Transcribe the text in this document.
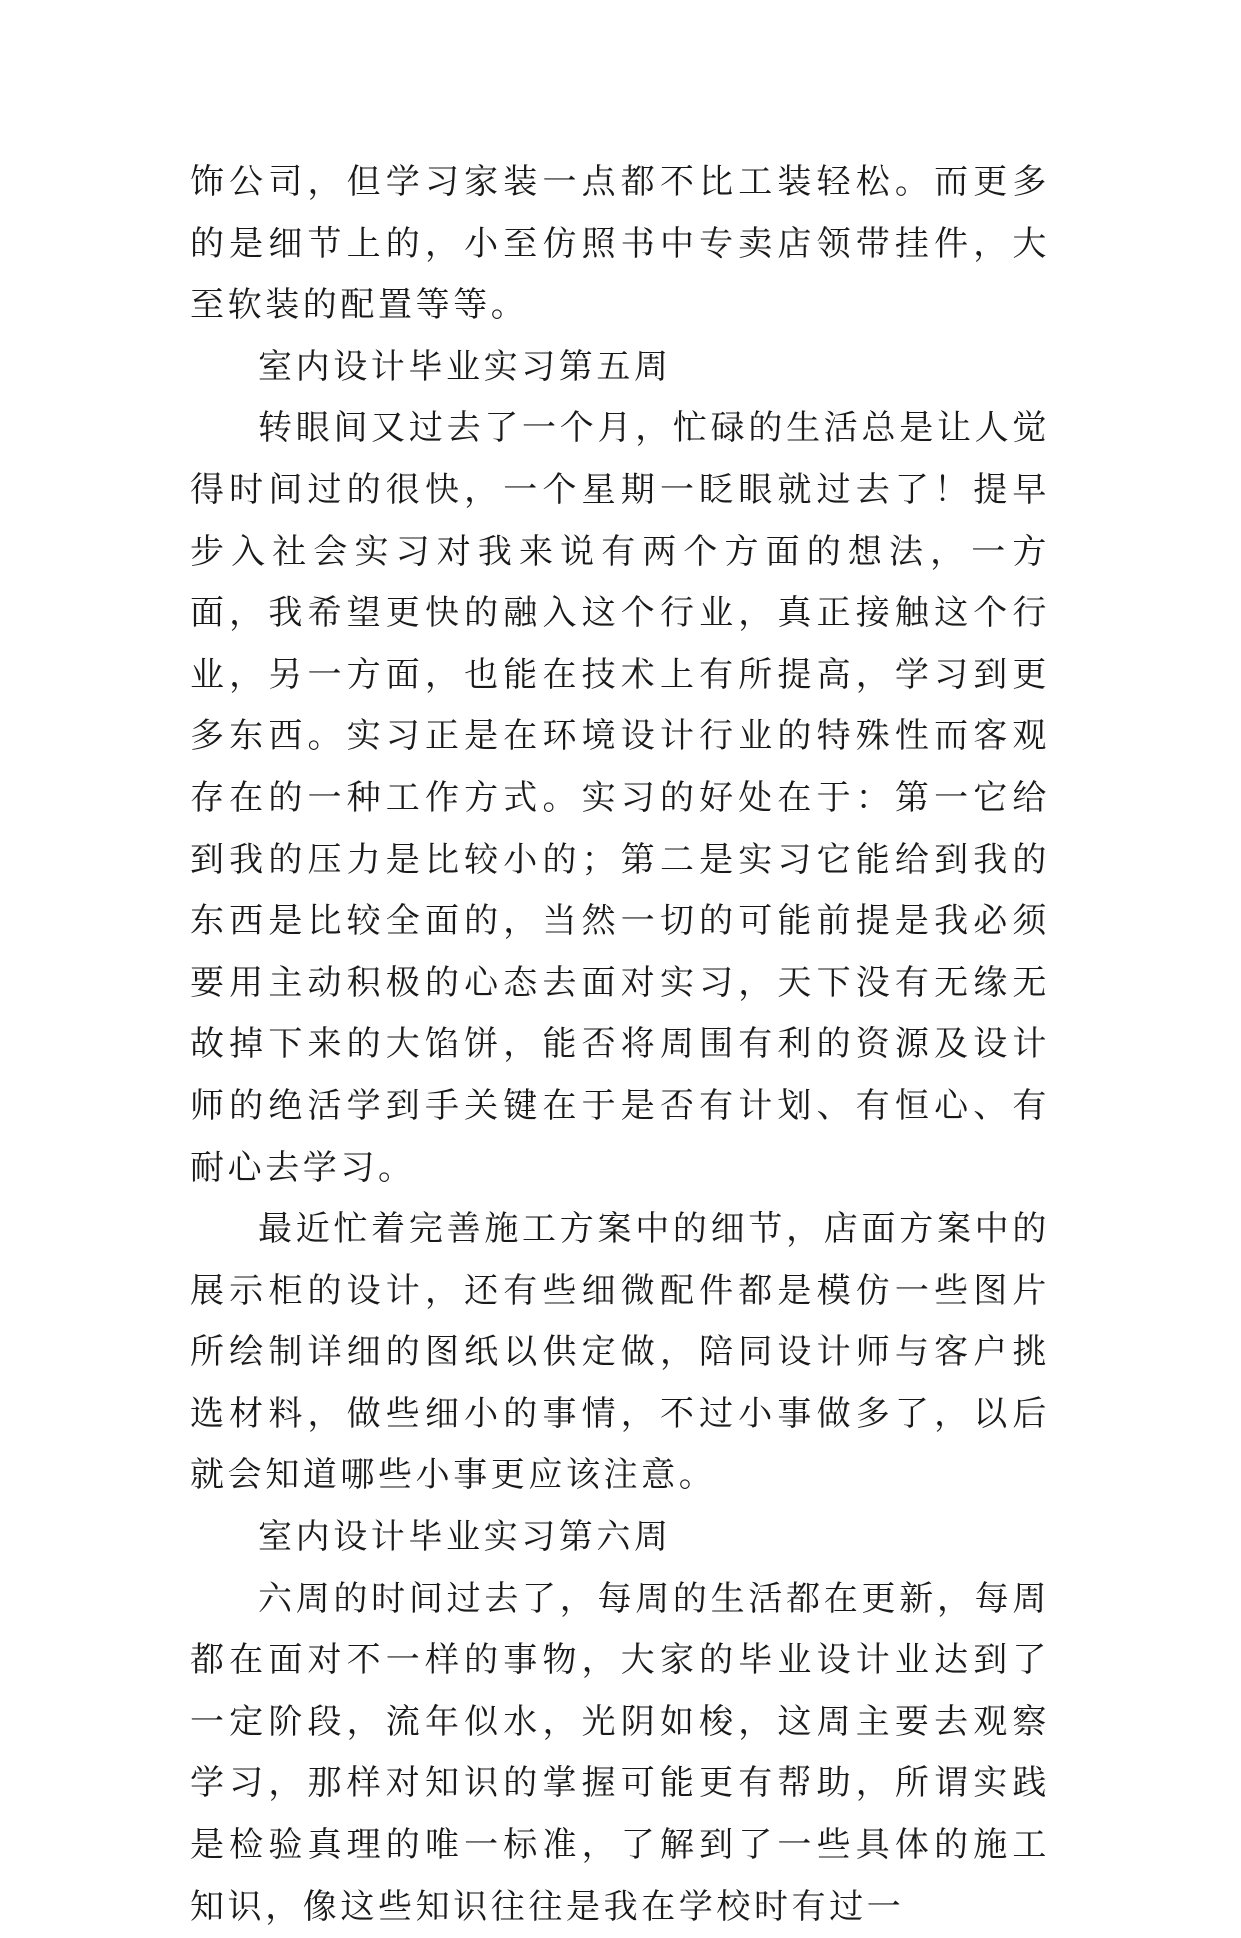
饰公司，但学习家装一点都不比工装轻松。而更多的是细节上的，小至仿照书中专卖店领带挂件，大至软装的配置等等。

室内设计毕业实习第五周

转眼间又过去了一个月，忙碌的生活总是让人觉得时间过的很快，一个星期一眨眼就过去了！提早步入社会实习对我来说有两个方面的想法，一方面，我希望更快的融入这个行业，真正接触这个行业，另一方面，也能在技术上有所提高，学习到更多东西。实习正是在环境设计行业的特殊性而客观存在的一种工作方式。实习的好处在于：第一它给到我的压力是比较小的；第二是实习它能给到我的东西是比较全面的，当然一切的可能前提是我必须要用主动积极的心态去面对实习，天下没有无缘无故掉下来的大馅饼，能否将周围有利的资源及设计师的绝活学到手关键在于是否有计划、有恒心、有耐心去学习。

最近忙着完善施工方案中的细节，店面方案中的展示柜的设计，还有些细微配件都是模仿一些图片所绘制详细的图纸以供定做，陪同设计师与客户挑选材料，做些细小的事情，不过小事做多了，以后就会知道哪些小事更应该注意。

室内设计毕业实习第六周

六周的时间过去了，每周的生活都在更新，每周都在面对不一样的事物，大家的毕业设计业达到了一定阶段，流年似水，光阴如梭，这周主要去观察学习，那样对知识的掌握可能更有帮助，所谓实践是检验真理的唯一标准，了解到了一些具体的施工知识，像这些知识往往是我在学校时有过一
